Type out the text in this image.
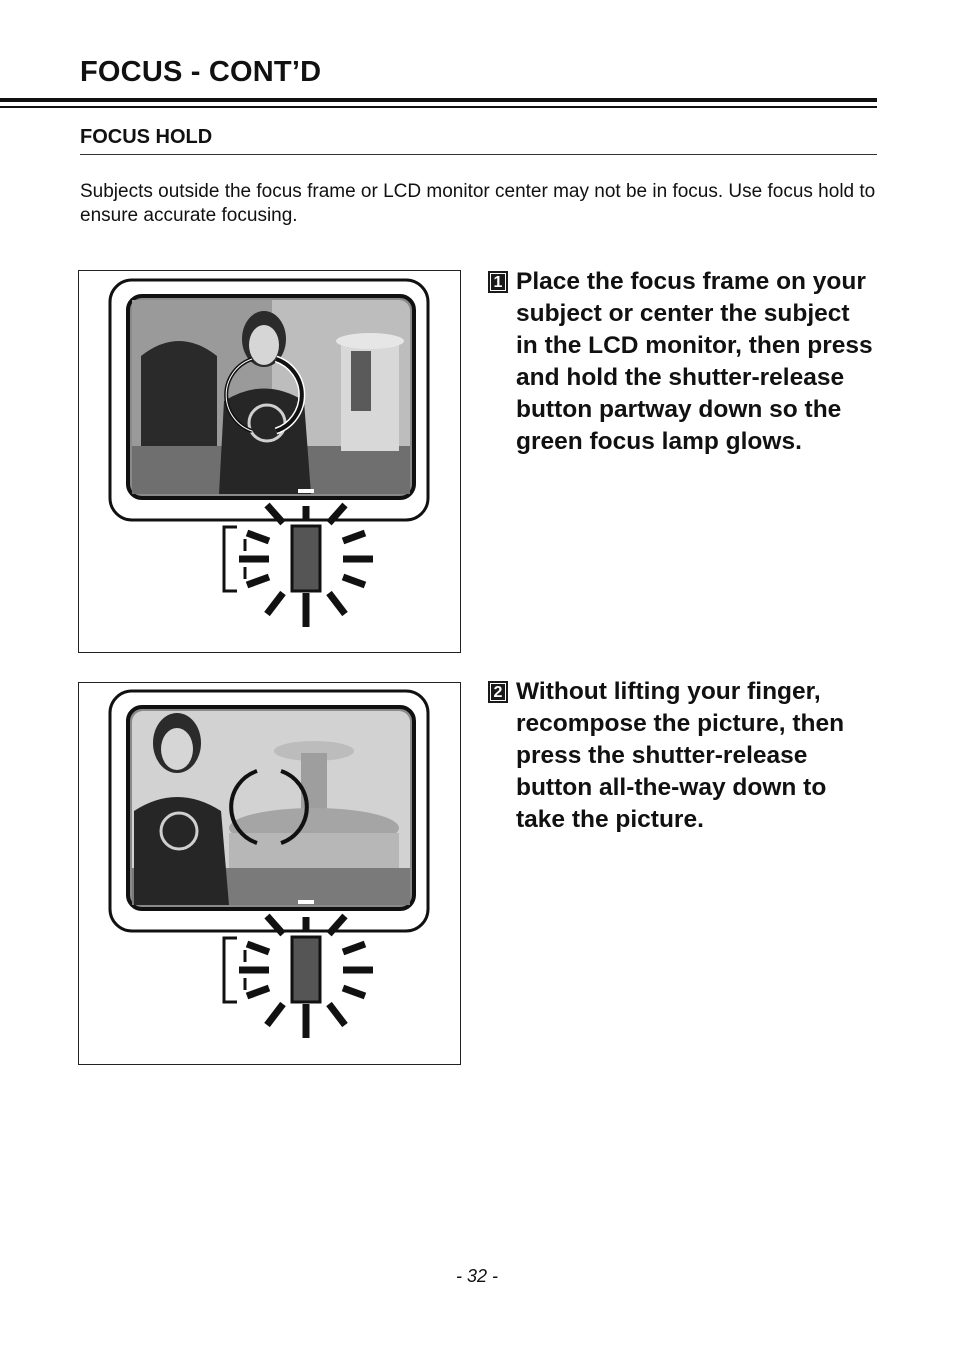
FOCUS - CONT’D
FOCUS HOLD

Subjects outside the focus frame or LCD monitor center may not be in focus. Use focus hold to ensure accurate focusing.

1 Place the focus frame on your subject or center the subject in the LCD monitor, then press and hold the shutter-release button partway down so the green focus lamp glows.

2 Without lifting your finger, recompose the picture, then press the shutter-release button all-the-way down to take the picture.

- 32 -
